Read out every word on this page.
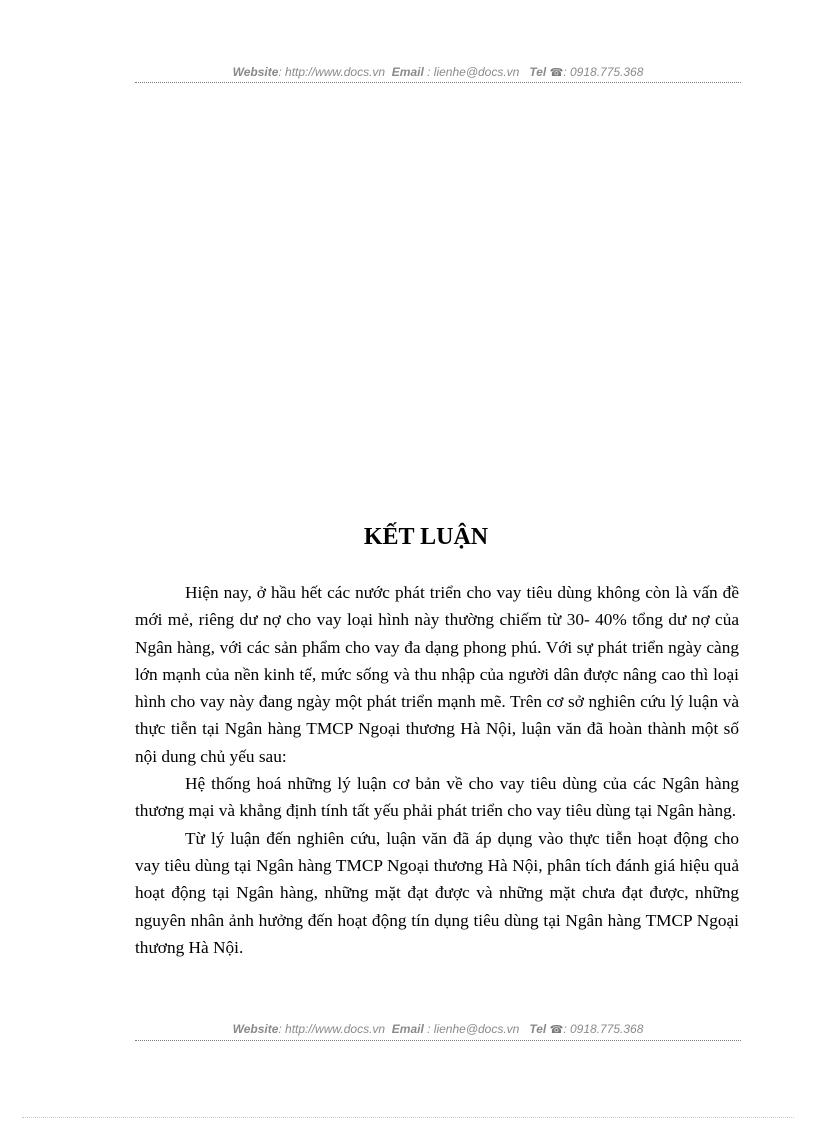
Website: http://www.docs.vn Email : lienhe@docs.vn Tel ☎: 0918.775.368
KẾT LUẬN

Hiện nay, ở hầu hết các nước phát triển cho vay tiêu dùng không còn là vấn đề mới mẻ, riêng dư nợ cho vay loại hình này thường chiếm từ 30- 40% tổng dư nợ của Ngân hàng, với các sản phẩm cho vay đa dạng phong phú. Với sự phát triển ngày càng lớn mạnh của nền kinh tế, mức sống và thu nhập của người dân được nâng cao thì loại hình cho vay này đang ngày một phát triển mạnh mẽ. Trên cơ sở nghiên cứu lý luận và thực tiễn tại Ngân hàng TMCP Ngoại thương Hà Nội, luận văn đã hoàn thành một số nội dung chủ yếu sau:

Hệ thống hoá những lý luận cơ bản về cho vay tiêu dùng của các Ngân hàng thương mại và khẳng định tính tất yếu phải phát triển cho vay tiêu dùng tại Ngân hàng.

Từ lý luận đến nghiên cứu, luận văn đã áp dụng vào thực tiễn hoạt động cho vay tiêu dùng tại Ngân hàng TMCP Ngoại thương Hà Nội, phân tích đánh giá hiệu quả hoạt động tại Ngân hàng, những mặt đạt được và những mặt chưa đạt được, những nguyên nhân ảnh hưởng đến hoạt động tín dụng tiêu dùng tại Ngân hàng TMCP Ngoại thương Hà Nội.

Website: http://www.docs.vn Email : lienhe@docs.vn Tel ☎: 0918.775.368
